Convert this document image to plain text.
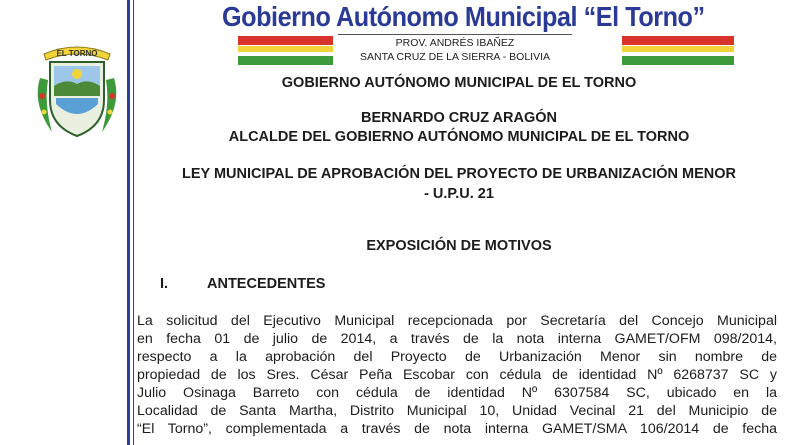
EL TORNO
Gobierno Autónomo Municipal “El Torno”
PROV. ANDRÉS IBAÑEZ
SANTA CRUZ DE LA SIERRA - BOLIVIA
GOBIERNO AUTÓNOMO MUNICIPAL DE EL TORNO
BERNARDO CRUZ ARAGÓN
ALCALDE DEL GOBIERNO AUTÓNOMO MUNICIPAL DE EL TORNO
LEY MUNICIPAL DE APROBACIÓN DEL PROYECTO DE URBANIZACIÓN MENOR
- U.P.U. 21
EXPOSICIÓN DE MOTIVOS
I.	ANTECEDENTES
La solicitud del Ejecutivo Municipal recepcionada por Secretaría del Concejo Municipal
en fecha 01 de julio de 2014, a través de la nota interna GAMET/OFM 098/2014,
respecto a la aprobación del Proyecto de Urbanización Menor sin nombre de
propiedad de los Sres. César Peña Escobar con cédula de identidad Nº 6268737 SC y
Julio Osinaga Barreto con cédula de identidad Nº 6307584 SC, ubicado en la
Localidad de Santa Martha, Distrito Municipal 10, Unidad Vecinal 21 del Municipio de
“El Torno”, complementada a través de nota interna GAMET/SMA 106/2014 de fecha
